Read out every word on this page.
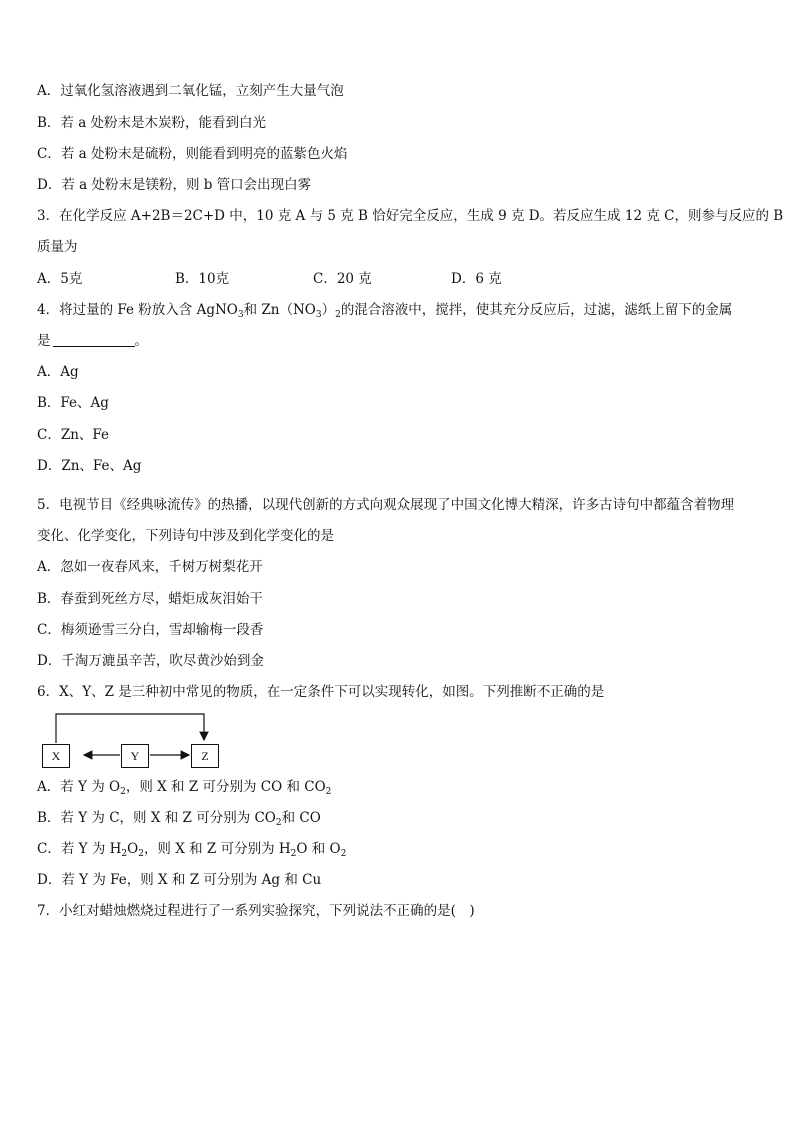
A．过氧化氢溶液遇到二氧化锰，立刻产生大量气泡
B．若 a 处粉末是木炭粉，能看到白光
C．若 a 处粉末是硫粉，则能看到明亮的蓝紫色火焰
D．若 a 处粉末是镁粉，则 b 管口会出现白雾
3．在化学反应 A+2B＝2C+D 中，10 克 A 与 5 克 B 恰好完全反应，生成 9 克 D。若反应生成 12 克 C，则参与反应的 B
质量为
A．5克	B．10克	C．20 克	D．6 克
4．将过量的 Fe 粉放入含 AgNO$_3$和 $Zn(NO_3)_2$的混合溶液中，搅拌，使其充分反应后，过滤，滤纸上留下的金属
是	。
A．Ag
B．Fe、Ag
C．Zn、Fe
D．Zn、Fe、Ag
5．电视节目《经典咏流传》的热播，以现代创新的方式向观众展现了中国文化博大精深，许多古诗句中都蕴含着物理
变化、化学变化，下列诗句中涉及到化学变化的是
A．忽如一夜春风来，千树万树梨花开
B．春蚕到死丝方尽，蜡炬成灰泪始干
C．梅须逊雪三分白，雪却输梅一段香
D．千淘万漉虽辛苦，吹尽黄沙始到金
6．X、Y、Z 是三种初中常见的物质，在一定条件下可以实现转化，如图。下列推断不正确的是
X	Y	Z
A．若 Y 为 $O_2$，则 X 和 Z 可分别为 CO 和 $CO_2$
B．若 Y 为 C，则 X 和 Z 可分别为 $CO_2$和 CO
C．若 Y 为 $H_2O_2$，则 X 和 Z 可分别为 $H_2O$ 和 $O_2$
D．若 Y 为 Fe，则 X 和 Z 可分别为 Ag 和 Cu
7．小红对蜡烛燃烧过程进行了一系列实验探究，下列说法不正确的是(　)
